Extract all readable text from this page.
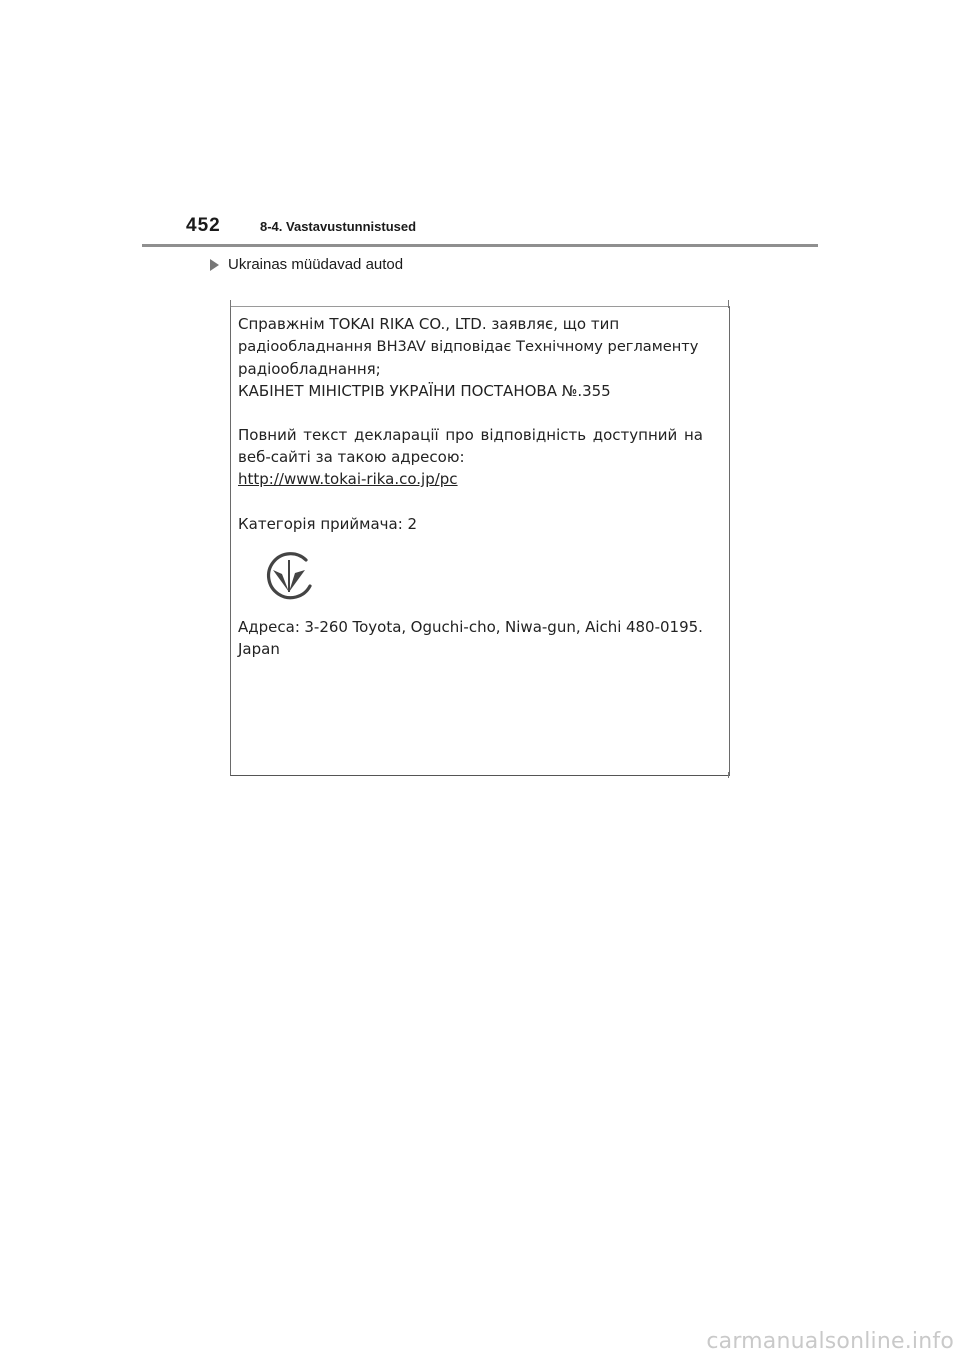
452	8-4. Vastavustunnistused
Ukrainas müüdavad autod
Справжнім TOKAI RIKA CO., LTD. заявляє, що тип
радіообладнання BH3AV відповідає Технічному регламенту
радіообладнання;
КАБІНЕТ МІНІСТРІВ УКРАЇНИ ПОСТАНОВА №.355
Повний текст декларації про відповідність доступний на
веб-сайті за такою адресою:
http://www.tokai-rika.co.jp/pc
Категорія приймача: 2
Адреса: 3-260 Toyota, Oguchi-cho, Niwa-gun, Aichi 480-0195.
Japan
carmanualsonline.info
